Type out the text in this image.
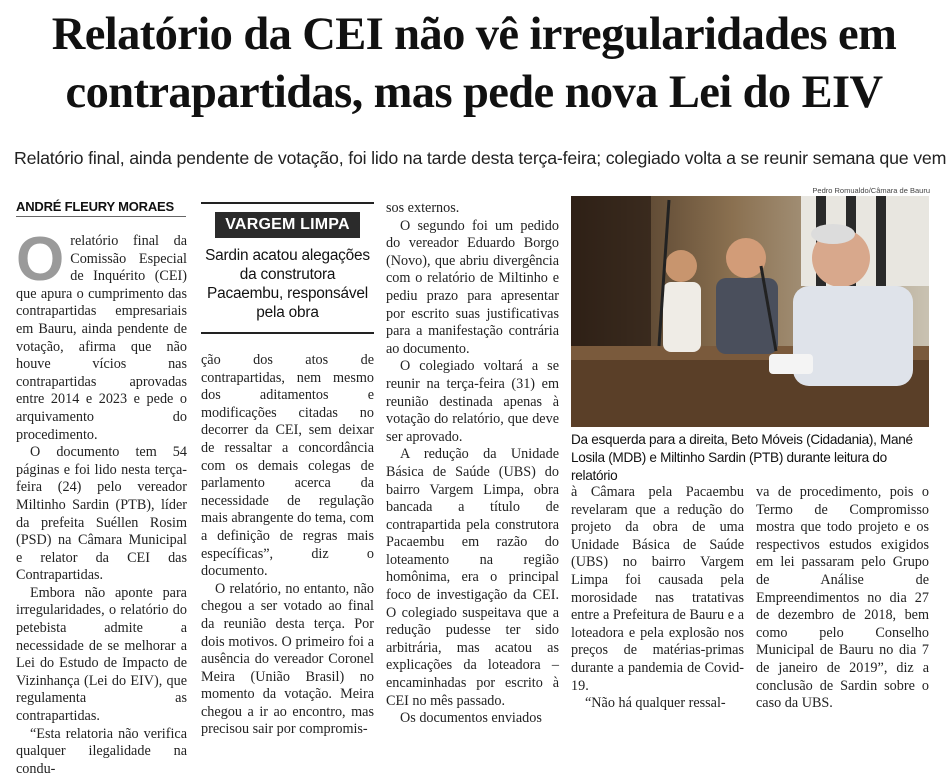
Relatório da CEI não vê irregularidades em
contrapartidas, mas pede nova Lei do EIV
Relatório final, ainda pendente de votação, foi lido na tarde desta terça-feira; colegiado volta a se reunir semana que vem
ANDRÉ FLEURY MORAES

Orelatório final da Comissão Especial de Inquérito (CEI) que apura o cumprimento das contrapartidas empresariais em Bauru, ainda pendente de votação, afirma que não houve vícios nas contrapartidas aprovadas entre 2014 e 2023 e pede o arquivamento do procedimento.

O documento tem 54 páginas e foi lido nesta terça-feira (24) pelo vereador Miltinho Sardin (PTB), líder da prefeita Suéllen Rosim (PSD) na Câmara Municipal e relator da CEI das Contrapartidas.

Embora não aponte para irregularidades, o relatório do petebista admite a necessidade de se melhorar a Lei do Estudo de Impacto de Vizinhança (Lei do EIV), que regulamenta as contrapartidas.

“Esta relatoria não verifica qualquer ilegalidade na condu-

VARGEM LIMPA
Sardin acatou alegações da construtora Pacaembu, responsável pela obra

ção dos atos de contrapartidas, nem mesmo dos aditamentos e modificações citadas no decorrer da CEI, sem deixar de ressaltar a concordância com os demais colegas de parlamento acerca da necessidade de regulação mais abrangente do tema, com a definição de regras mais específicas”, diz o documento.

O relatório, no entanto, não chegou a ser votado ao final da reunião desta terça. Por dois motivos. O primeiro foi a ausência do vereador Coronel Meira (União Brasil) no momento da votação. Meira chegou a ir ao encontro, mas precisou sair por compromis-

sos externos.

O segundo foi um pedido do vereador Eduardo Borgo (Novo), que abriu divergência com o relatório de Miltinho e pediu prazo para apresentar por escrito suas justificativas para a manifestação contrária ao documento.

O colegiado voltará a se reunir na terça-feira (31) em reunião destinada apenas à votação do relatório, que deve ser aprovado.

A redução da Unidade Básica de Saúde (UBS) do bairro Vargem Limpa, obra bancada a título de contrapartida pela construtora Pacaembu em razão do loteamento na região homônima, era o principal foco de investigação da CEI. O colegiado suspeitava que a redução pudesse ter sido arbitrária, mas acatou as explicações da loteadora – encaminhadas por escrito à CEI no mês passado.

Os documentos enviados

Pedro Romualdo/Câmara de Bauru
Da esquerda para a direita, Beto Móveis (Cidadania), Mané Losila (MDB) e Miltinho Sardin (PTB) durante leitura do relatório

à Câmara pela Pacaembu revelaram que a redução do projeto da obra de uma Unidade Básica de Saúde (UBS) no bairro Vargem Limpa foi causada pela morosidade nas tratativas entre a Prefeitura de Bauru e a loteadora e pela explosão nos preços de matérias-primas durante a pandemia de Covid-19.

“Não há qualquer ressal-

va de procedimento, pois o Termo de Compromisso mostra que todo projeto e os respectivos estudos exigidos em lei passaram pelo Grupo de Análise de Empreendimentos no dia 27 de dezembro de 2018, bem como pelo Conselho Municipal de Bauru no dia 7 de janeiro de 2019”, diz a conclusão de Sardin sobre o caso da UBS.
